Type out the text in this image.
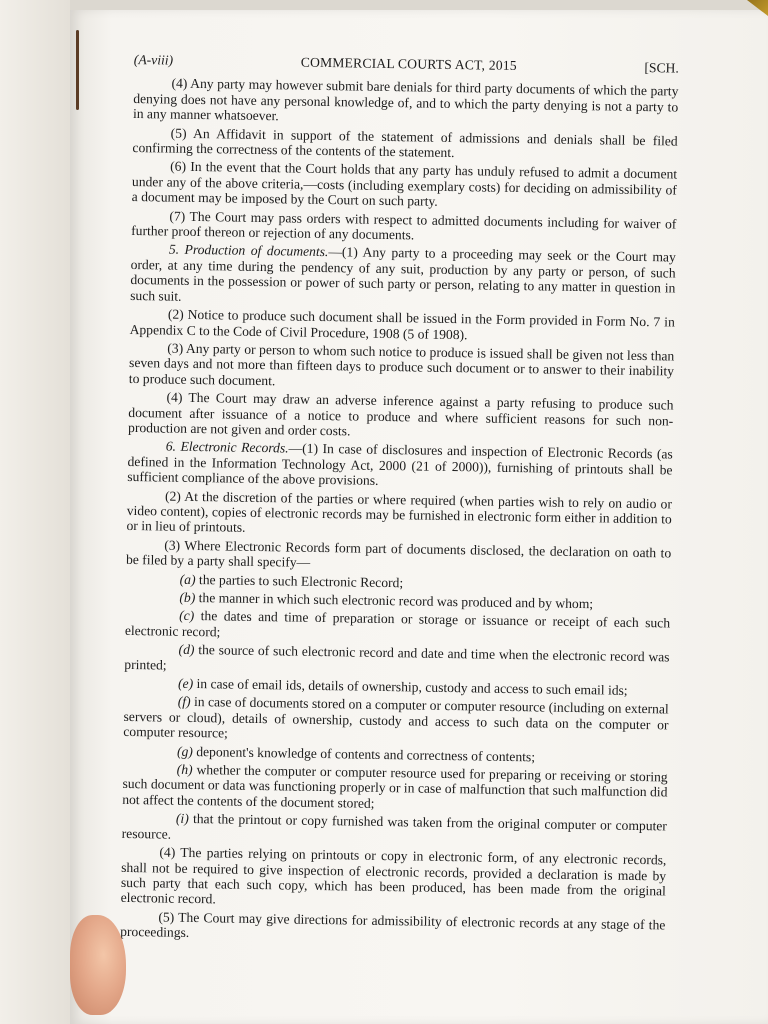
(A-viii)	COMMERCIAL COURTS ACT, 2015	[SCH.

(4) Any party may however submit bare denials for third party documents of which the party denying does not have any personal knowledge of, and to which the party denying is not a party to in any manner whatsoever.

(5) An Affidavit in support of the statement of admissions and denials shall be filed confirming the correctness of the contents of the statement.

(6) In the event that the Court holds that any party has unduly refused to admit a document under any of the above criteria,—costs (including exemplary costs) for deciding on admissibility of a document may be imposed by the Court on such party.

(7) The Court may pass orders with respect to admitted documents including for waiver of further proof thereon or rejection of any documents.

5. Production of documents.—(1) Any party to a proceeding may seek or the Court may order, at any time during the pendency of any suit, production by any party or person, of such documents in the possession or power of such party or person, relating to any matter in question in such suit.

(2) Notice to produce such document shall be issued in the Form provided in Form No. 7 in Appendix C to the Code of Civil Procedure, 1908 (5 of 1908).

(3) Any party or person to whom such notice to produce is issued shall be given not less than seven days and not more than fifteen days to produce such document or to answer to their inability to produce such document.

(4) The Court may draw an adverse inference against a party refusing to produce such document after issuance of a notice to produce and where sufficient reasons for such non-production are not given and order costs.

6. Electronic Records.—(1) In case of disclosures and inspection of Electronic Records (as defined in the Information Technology Act, 2000 (21 of 2000)), furnishing of printouts shall be sufficient compliance of the above provisions.

(2) At the discretion of the parties or where required (when parties wish to rely on audio or video content), copies of electronic records may be furnished in electronic form either in addition to or in lieu of printouts.

(3) Where Electronic Records form part of documents disclosed, the declaration on oath to be filed by a party shall specify—

(a) the parties to such Electronic Record;

(b) the manner in which such electronic record was produced and by whom;

(c) the dates and time of preparation or storage or issuance or receipt of each such electronic record;

(d) the source of such electronic record and date and time when the electronic record was printed;

(e) in case of email ids, details of ownership, custody and access to such email ids;

(f) in case of documents stored on a computer or computer resource (including on external servers or cloud), details of ownership, custody and access to such data on the computer or computer resource;

(g) deponent's knowledge of contents and correctness of contents;

(h) whether the computer or computer resource used for preparing or receiving or storing such document or data was functioning properly or in case of malfunction that such malfunction did not affect the contents of the document stored;

(i) that the printout or copy furnished was taken from the original computer or computer resource.

(4) The parties relying on printouts or copy in electronic form, of any electronic records, shall not be required to give inspection of electronic records, provided a declaration is made by such party that each such copy, which has been produced, has been made from the original electronic record.

(5) The Court may give directions for admissibility of electronic records at any stage of the proceedings.
